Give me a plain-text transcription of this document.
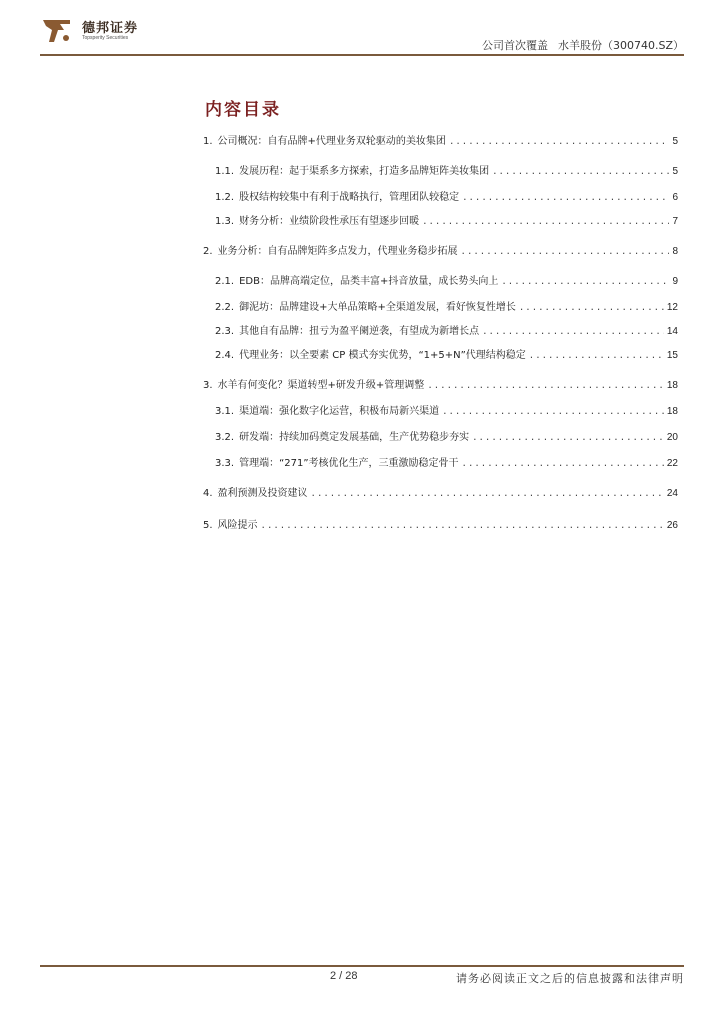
德邦证券
Topsperity Securities
公司首次覆盖 水羊股份（300740.SZ）
内容目录
1. 公司概况：自有品牌+代理业务双轮驱动的美妆集团 .....	5
1.1. 发展历程：起于渠系多方探索，打造多品牌矩阵美妆集团 .....	5
1.2. 股权结构较集中有利于战略执行，管理团队较稳定 .....	6
1.3. 财务分析：业绩阶段性承压有望逐步回暖 .....	7
2. 业务分析：自有品牌矩阵多点发力，代理业务稳步拓展 .....	8
2.1. EDB：品牌高端定位，品类丰富+抖音放量，成长势头向上 .....	9
2.2. 御泥坊：品牌建设+大单品策略+全渠道发展，看好恢复性增长 .....	12
2.3. 其他自有品牌：扭亏为盈平阑逆袭，有望成为新增长点 .....	14
2.4. 代理业务：以全要素 CP 模式夯实优势，“1+5+N”代理结构稳定 .....	15
3. 水羊有何变化？渠道转型+研发升级+管理调整 .....	18
3.1. 渠道端：强化数字化运营，积极布局新兴渠道 .....	18
3.2. 研发端：持续加码奠定发展基础，生产优势稳步夯实 .....	20
3.3. 管理端：“271”考核优化生产，三重激励稳定骨干 .....	22
4. 盈利预测及投资建议 .....	24
5. 风险提示 .....	26
2 / 28	请务必阅读正文之后的信息披露和法律声明
